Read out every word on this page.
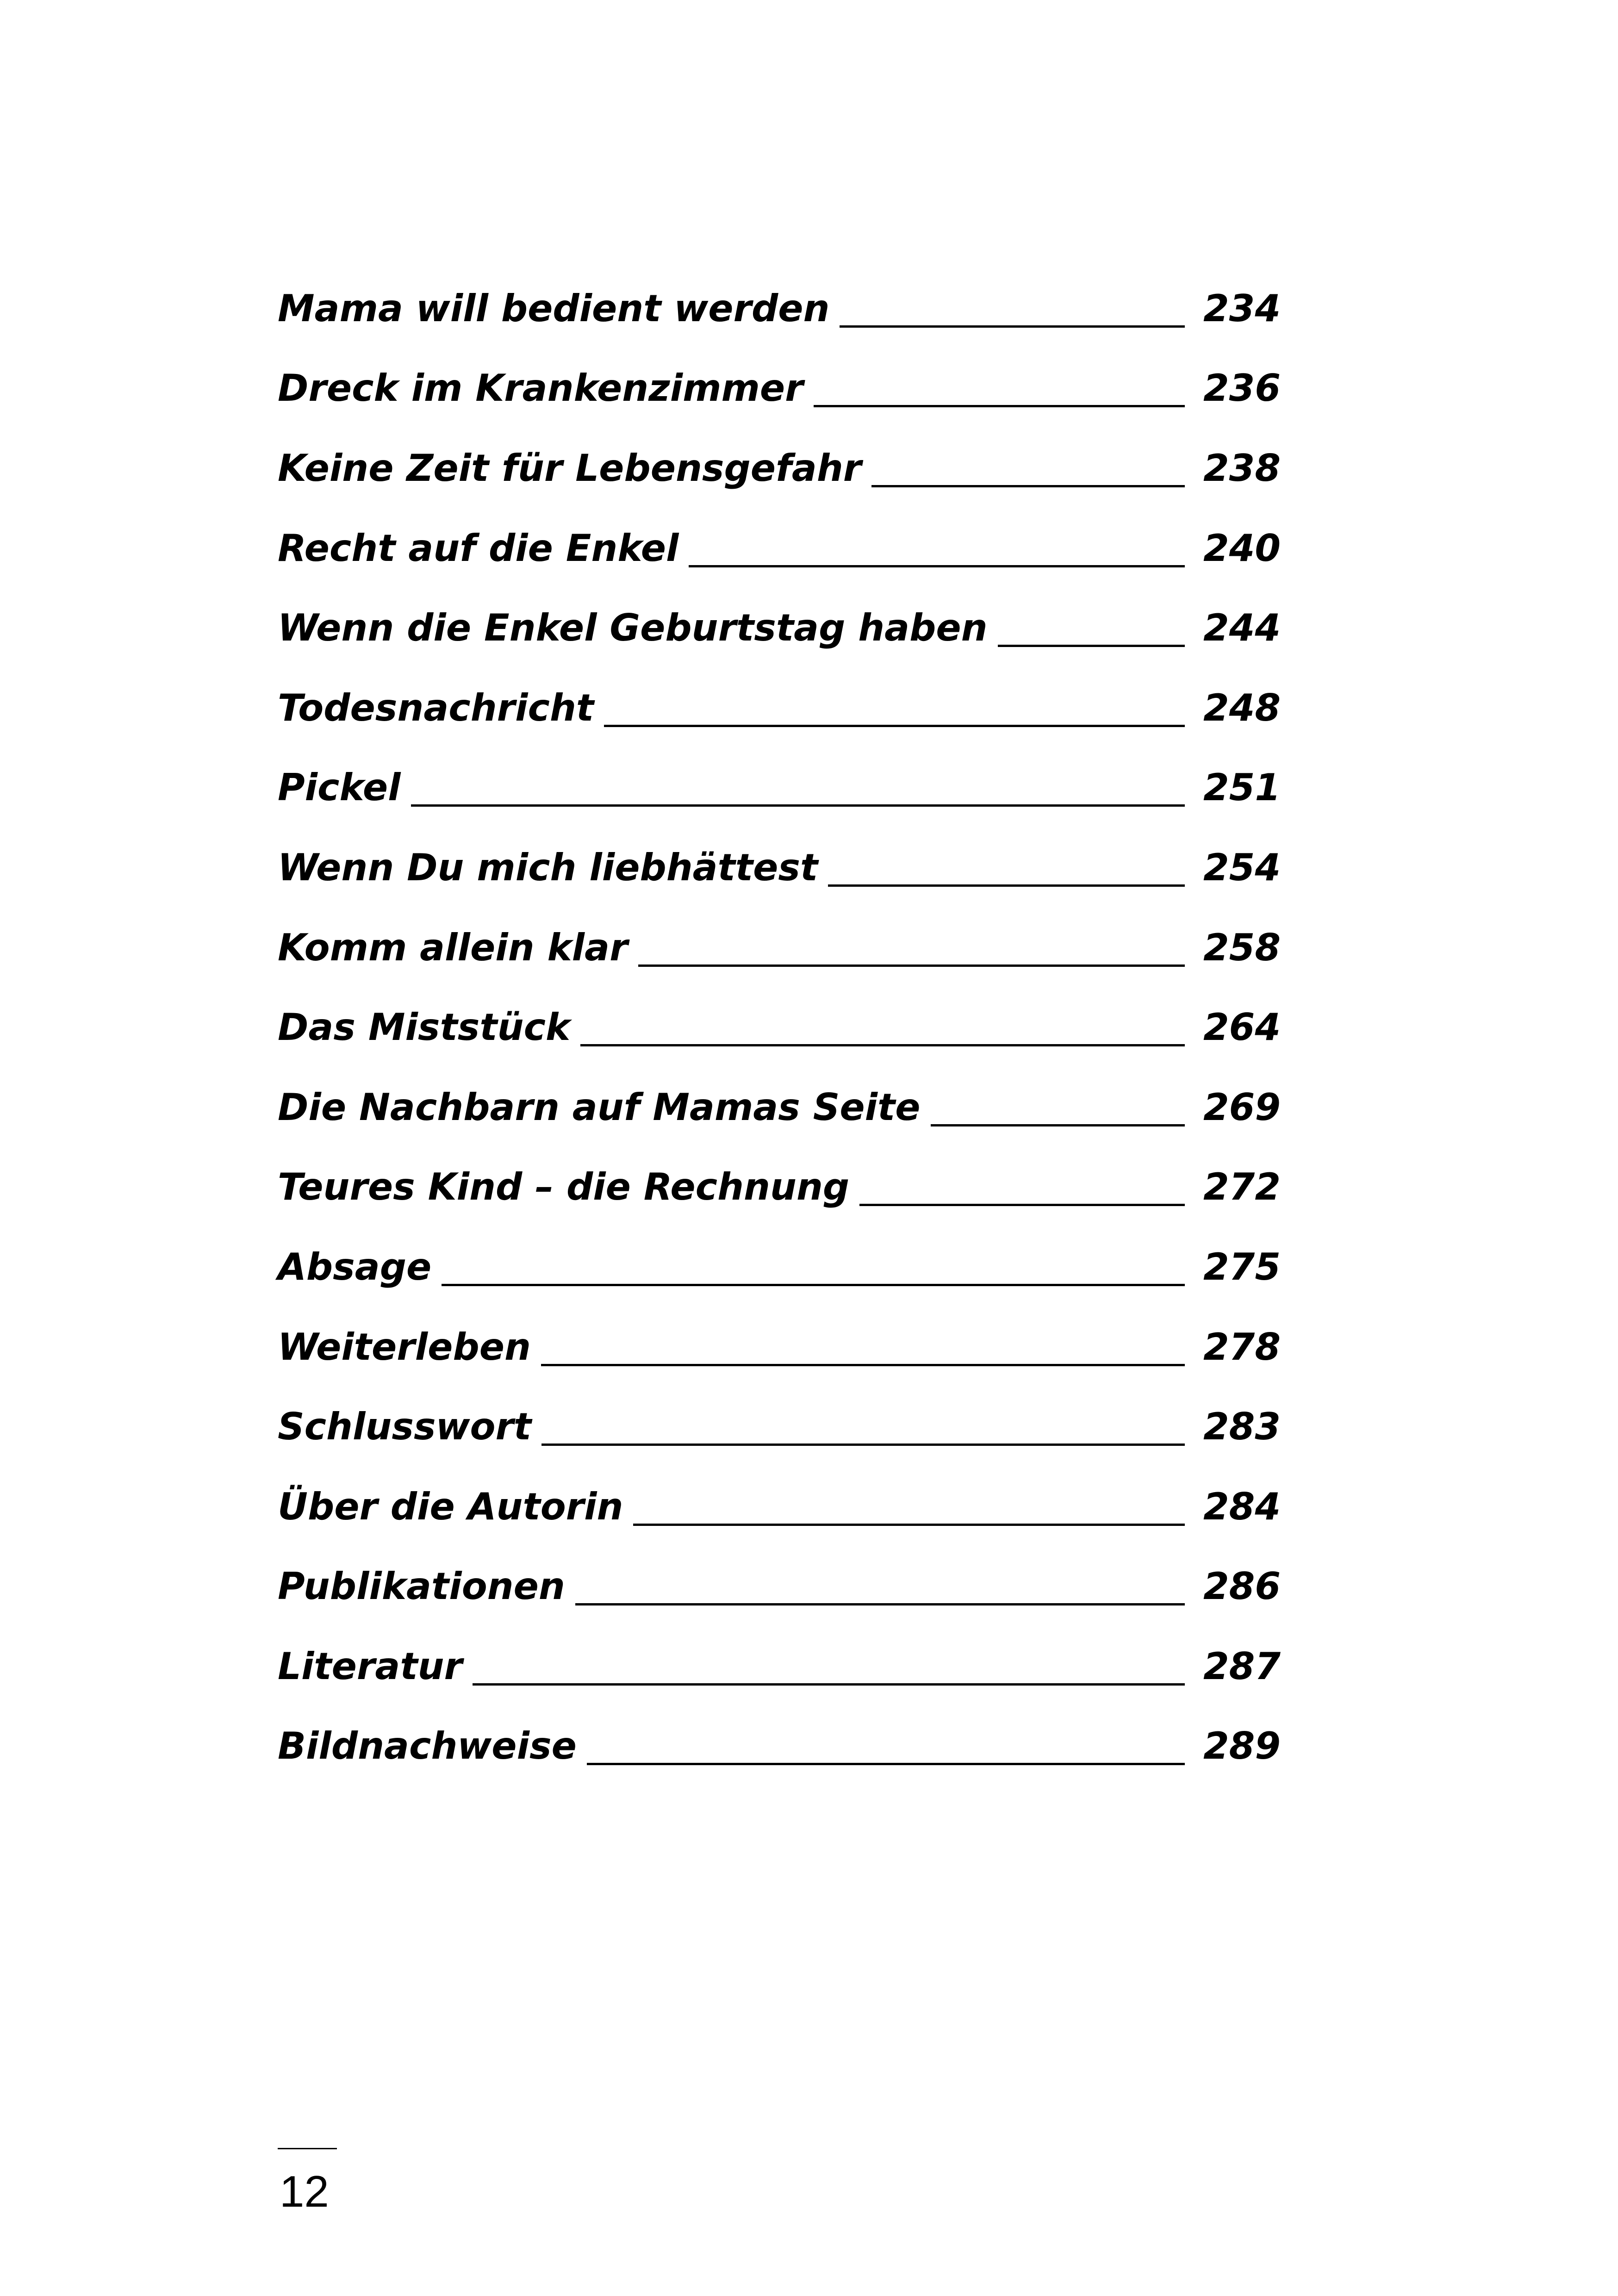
Mama will bedient werden	234
Dreck im Krankenzimmer	236
Keine Zeit für Lebensgefahr	238
Recht auf die Enkel	240
Wenn die Enkel Geburtstag haben	244
Todesnachricht	248
Pickel	251
Wenn Du mich liebhättest	254
Komm allein klar	258
Das Miststück	264
Die Nachbarn auf Mamas Seite	269
Teures Kind – die Rechnung	272
Absage	275
Weiterleben	278
Schlusswort	283
Über die Autorin	284
Publikationen	286
Literatur	287
Bildnachweise	289
12
